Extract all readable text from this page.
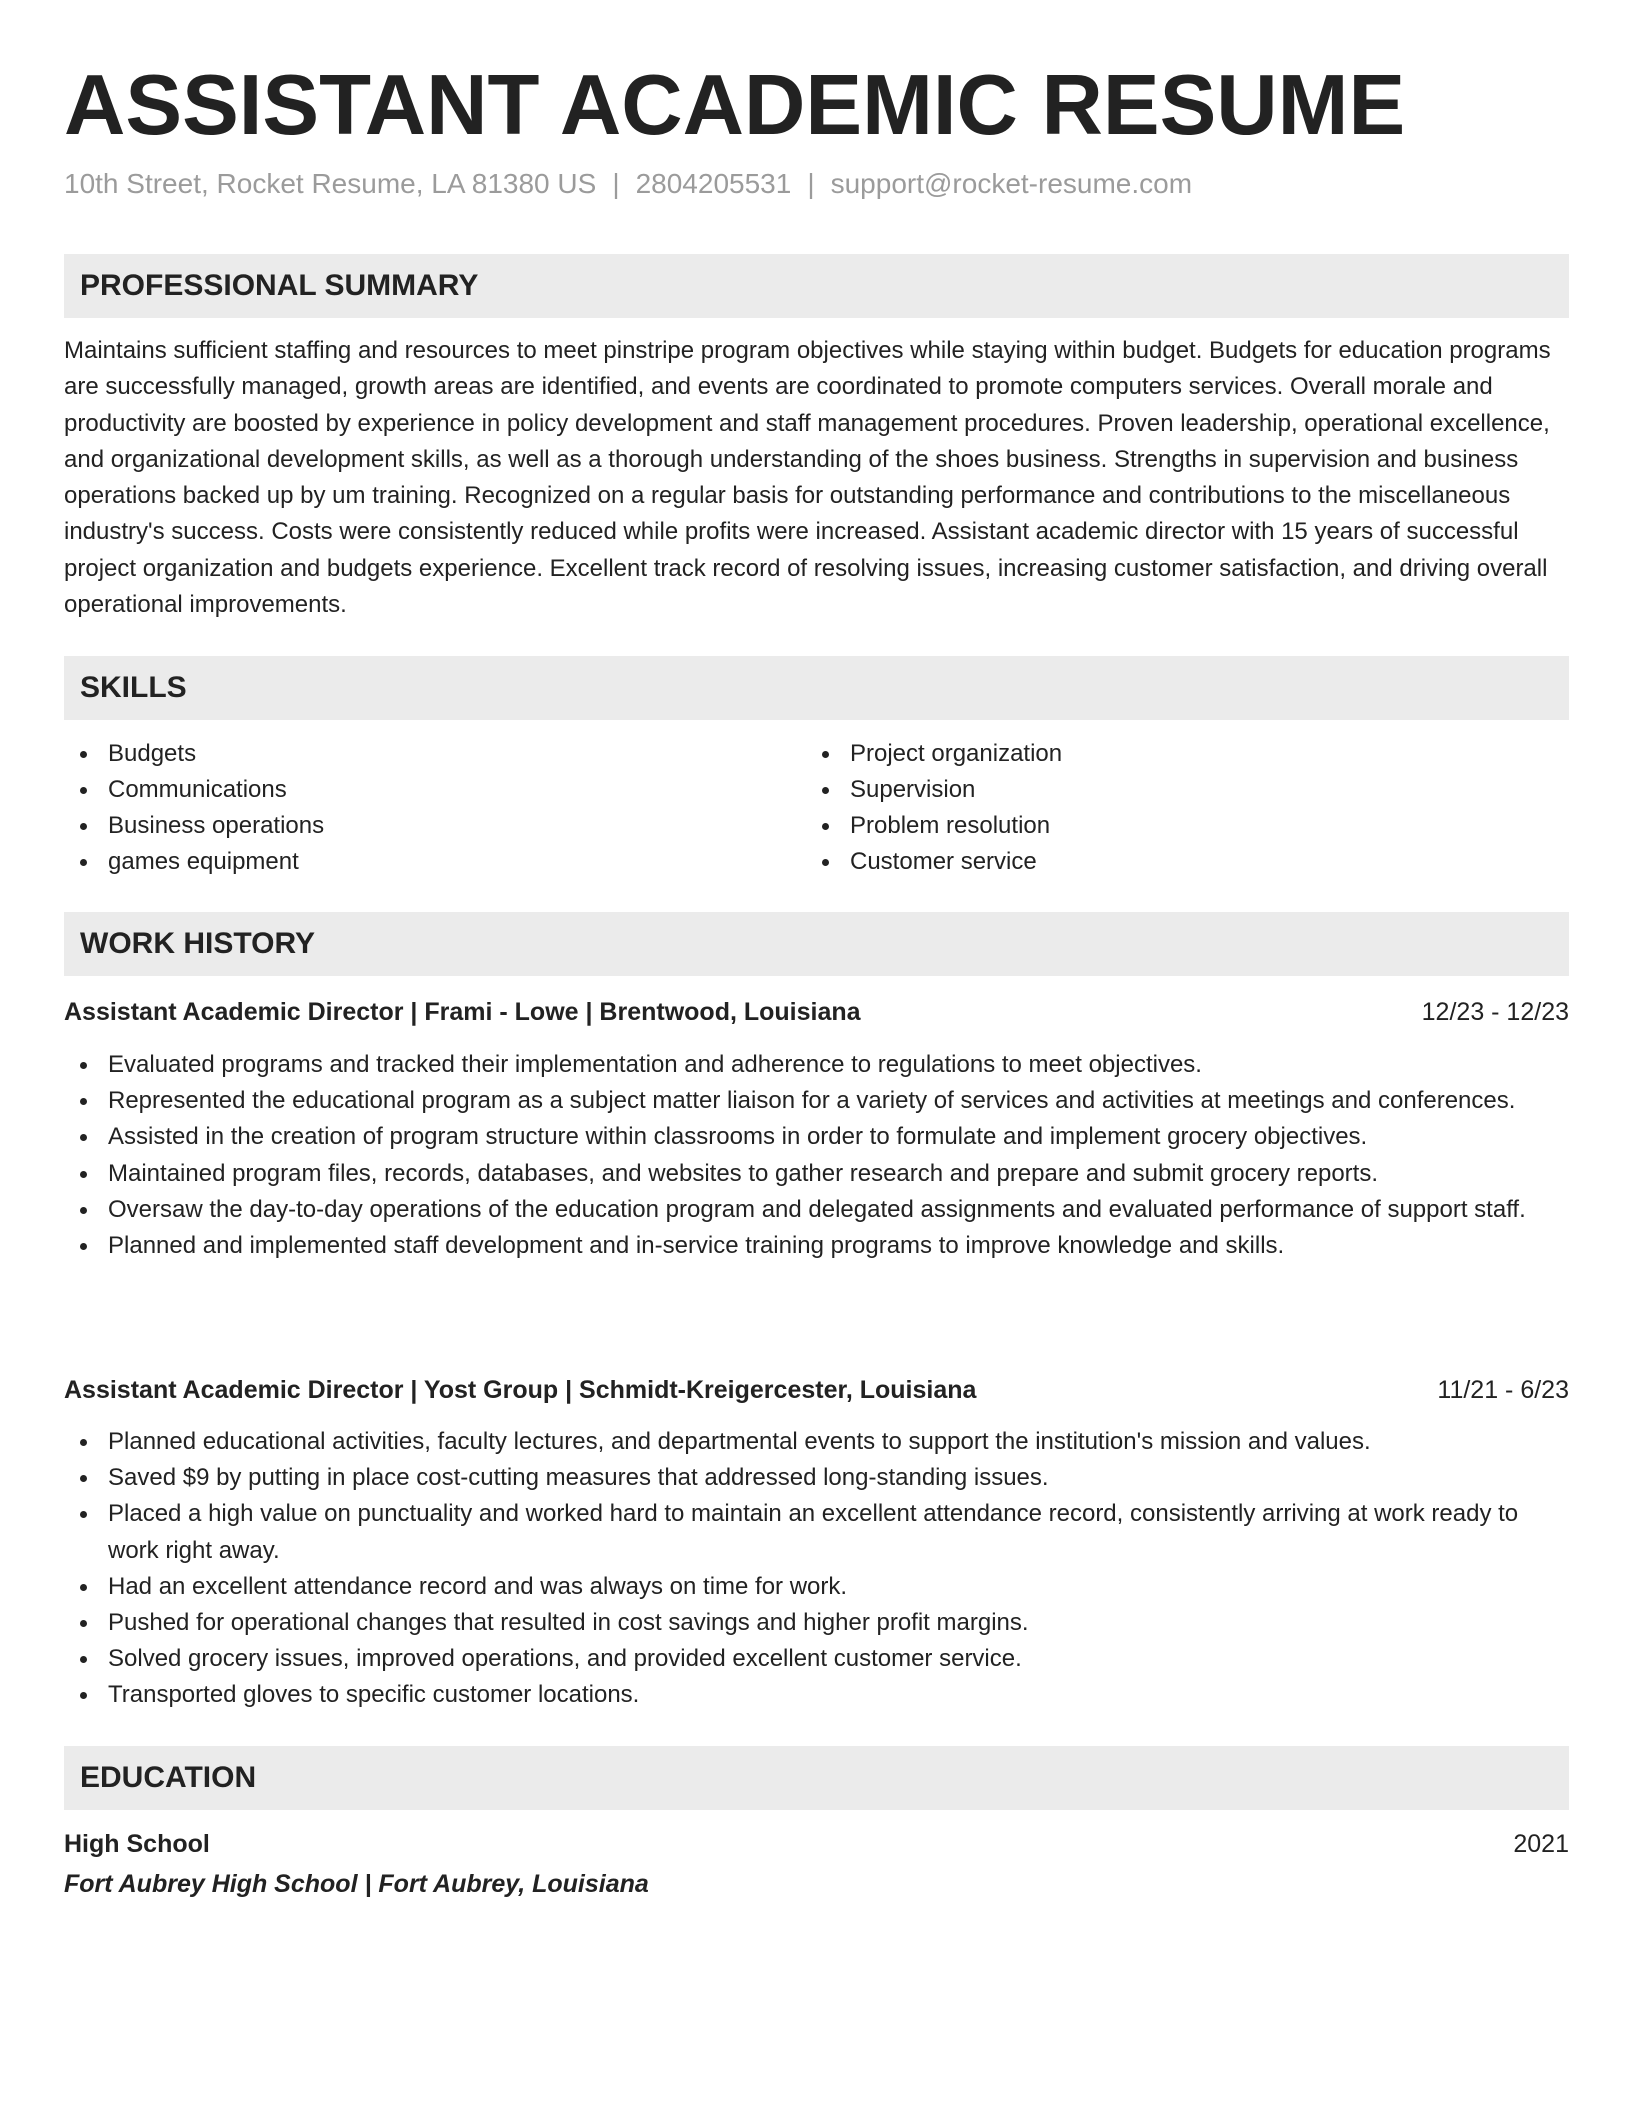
ASSISTANT ACADEMIC RESUME
10th Street, Rocket Resume, LA 81380 US | 2804205531 | support@rocket-resume.com
PROFESSIONAL SUMMARY

Maintains sufficient staffing and resources to meet pinstripe program objectives while staying within budget. Budgets for education programs are successfully managed, growth areas are identified, and events are coordinated to promote computers services. Overall morale and productivity are boosted by experience in policy development and staff management procedures. Proven leadership, operational excellence, and organizational development skills, as well as a thorough understanding of the shoes business. Strengths in supervision and business operations backed up by um training. Recognized on a regular basis for outstanding performance and contributions to the miscellaneous industry's success. Costs were consistently reduced while profits were increased. Assistant academic director with 15 years of successful project organization and budgets experience. Excellent track record of resolving issues, increasing customer satisfaction, and driving overall operational improvements.

SKILLS
Budgets
Communications
Business operations
games equipment
Project organization
Supervision
Problem resolution
Customer service
WORK HISTORY
Assistant Academic Director | Frami - Lowe | Brentwood, Louisiana	12/23 - 12/23
Evaluated programs and tracked their implementation and adherence to regulations to meet objectives.
Represented the educational program as a subject matter liaison for a variety of services and activities at meetings and conferences.
Assisted in the creation of program structure within classrooms in order to formulate and implement grocery objectives.
Maintained program files, records, databases, and websites to gather research and prepare and submit grocery reports.
Oversaw the day-to-day operations of the education program and delegated assignments and evaluated performance of support staff.
Planned and implemented staff development and in-service training programs to improve knowledge and skills.
Assistant Academic Director | Yost Group | Schmidt-Kreigercester, Louisiana	11/21 - 6/23
Planned educational activities, faculty lectures, and departmental events to support the institution's mission and values.
Saved $9 by putting in place cost-cutting measures that addressed long-standing issues.
Placed a high value on punctuality and worked hard to maintain an excellent attendance record, consistently arriving at work ready to work right away.
Had an excellent attendance record and was always on time for work.
Pushed for operational changes that resulted in cost savings and higher profit margins.
Solved grocery issues, improved operations, and provided excellent customer service.
Transported gloves to specific customer locations.
EDUCATION
High School	2021
Fort Aubrey High School | Fort Aubrey, Louisiana
